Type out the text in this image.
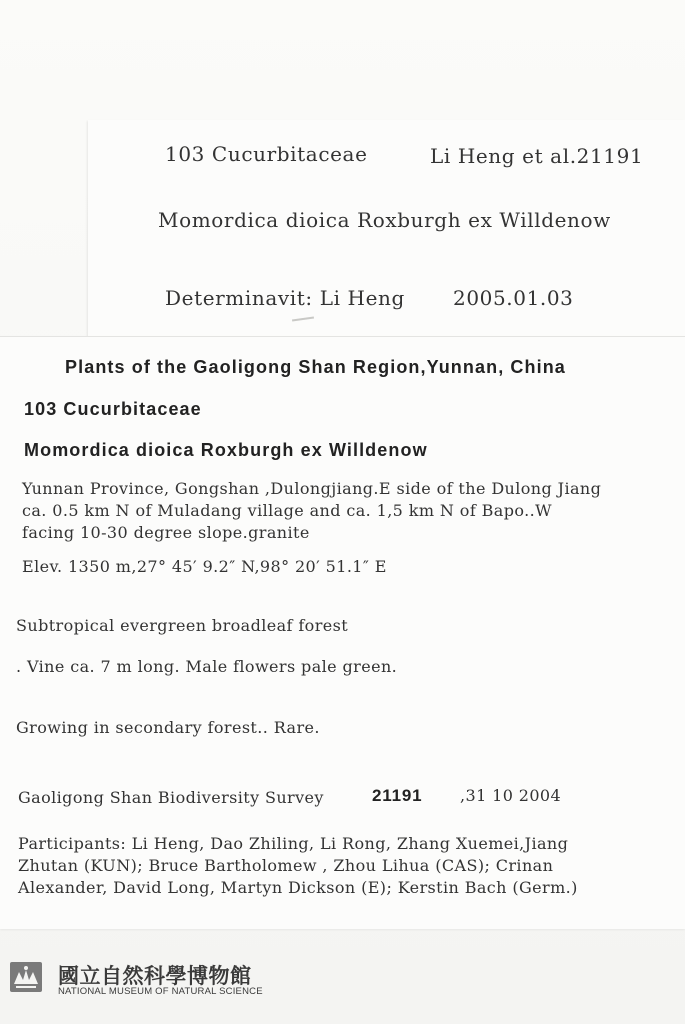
103 Cucurbitaceae	Li Heng et al.21191
Momordica dioica Roxburgh ex Willdenow
Determinavit: Li Heng 2005.01.03
Plants of the Gaoligong Shan Region,Yunnan, China
103 Cucurbitaceae
Momordica dioica Roxburgh ex Willdenow
Yunnan Province, Gongshan ,Dulongjiang.E side of the Dulong Jiang
ca. 0.5 km N of Muladang village and ca. 1,5 km N of Bapo..W
facing 10-30 degree slope.granite
Elev. 1350 m,27° 45′ 9.2″ N,98° 20′ 51.1″ E
Subtropical evergreen broadleaf forest
. Vine ca. 7 m long. Male flowers pale green.
Growing in secondary forest.. Rare.
Gaoligong Shan Biodiversity Survey	21191 ,31 10 2004
Participants: Li Heng, Dao Zhiling, Li Rong, Zhang Xuemei,Jiang
Zhutan (KUN); Bruce Bartholomew , Zhou Lihua (CAS); Crinan
Alexander, David Long, Martyn Dickson (E); Kerstin Bach (Germ.)
國立自然科學博物館
NATIONAL MUSEUM OF NATURAL SCIENCE
